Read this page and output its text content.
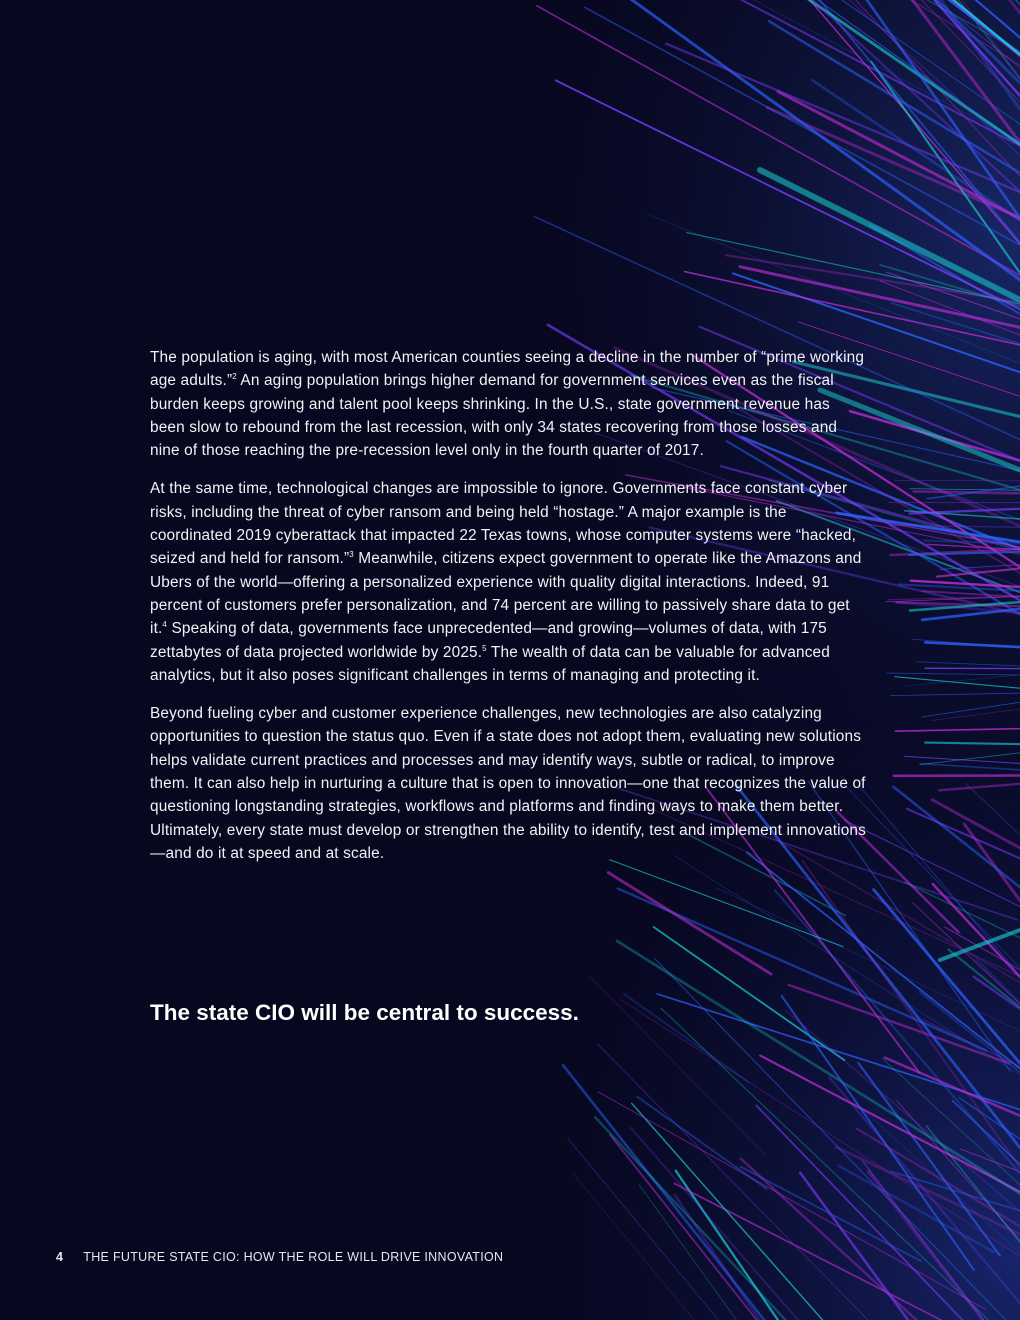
The population is aging, with most American counties seeing a decline in the number of “prime working age adults.”$^2$ An aging population brings higher demand for government services even as the fiscal burden keeps growing and talent pool keeps shrinking. In the U.S., state government revenue has been slow to rebound from the last recession, with only 34 states recovering from those losses and nine of those reaching the pre-recession level only in the fourth quarter of 2017.

At the same time, technological changes are impossible to ignore. Governments face constant cyber risks, including the threat of cyber ransom and being held “hostage.” A major example is the coordinated 2019 cyberattack that impacted 22 Texas towns, whose computer systems were “hacked, seized and held for ransom.”$^3$ Meanwhile, citizens expect government to operate like the Amazons and Ubers of the world—offering a personalized experience with quality digital interactions. Indeed, 91 percent of customers prefer personalization, and 74 percent are willing to passively share data to get it.$^4$ Speaking of data, governments face unprecedented—and growing—volumes of data, with 175 zettabytes of data projected worldwide by 2025.$^5$ The wealth of data can be valuable for advanced analytics, but it also poses significant challenges in terms of managing and protecting it.

Beyond fueling cyber and customer experience challenges, new technologies are also catalyzing opportunities to question the status quo. Even if a state does not adopt them, evaluating new solutions helps validate current practices and processes and may identify ways, subtle or radical, to improve them. It can also help in nurturing a culture that is open to innovation—one that recognizes the value of questioning longstanding strategies, workflows and platforms and finding ways to make them better. Ultimately, every state must develop or strengthen the ability to identify, test and implement innovations—and do it at speed and at scale.

The state CIO will be central to success.
4 THE FUTURE STATE CIO: HOW THE ROLE WILL DRIVE INNOVATION
